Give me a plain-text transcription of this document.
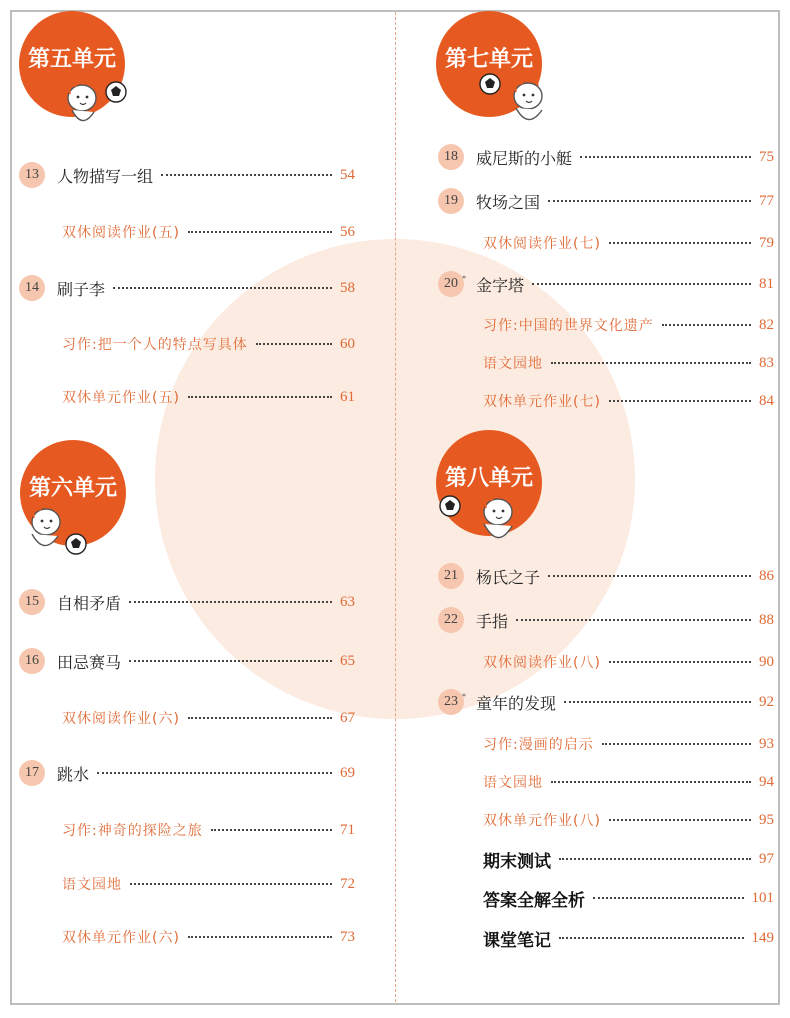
第五单元
第六单元
第七单元
第八单元
13	人物描写一组	54
双休阅读作业(五)	56
14	刷子李	58
习作:把一个人的特点写具体	60
双休单元作业(五)	61
15	自相矛盾	63
16	田忌赛马	65
双休阅读作业(六)	67
17	跳水	69
习作:神奇的探险之旅	71
语文园地	72
双休单元作业(六)	73
18	威尼斯的小艇	75
19	牧场之国	77
双休阅读作业(七)	79
20 * 金字塔	81
习作:中国的世界文化遗产	82
语文园地	83
双休单元作业(七)	84
21	杨氏之子	86
22	手指	88
双休阅读作业(八)	90
23 * 童年的发现	92
习作:漫画的启示	93
语文园地	94
双休单元作业(八)	95
期末测试	97
答案全解全析	101
课堂笔记	149
